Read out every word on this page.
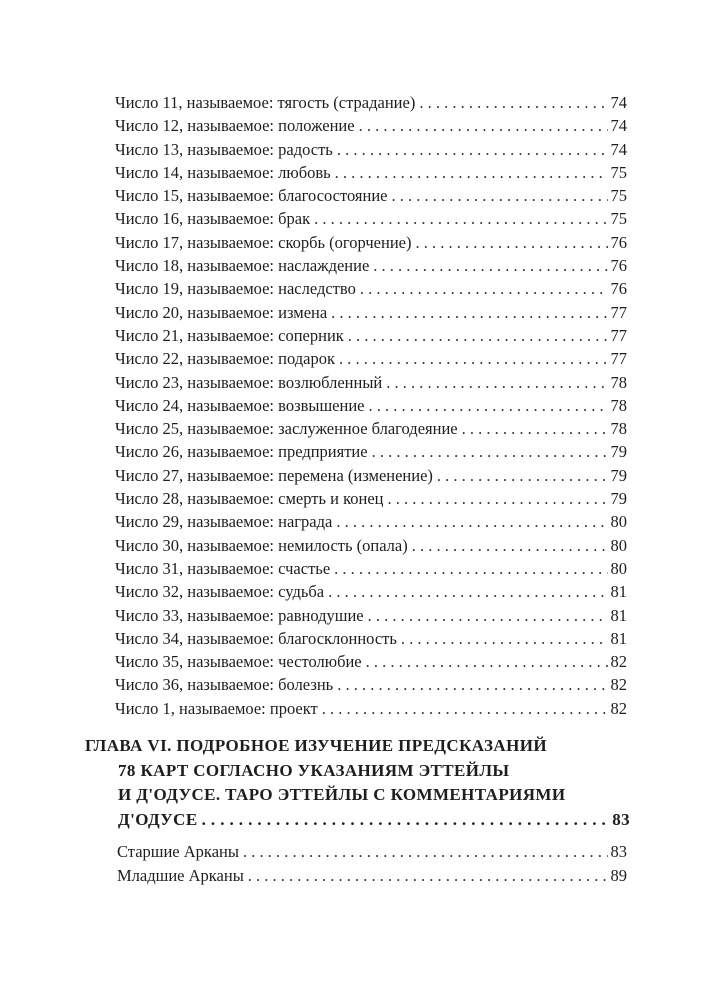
Число 11, называемое: тягость (страдание) . . .	74
Число 12, называемое: положение . . .	74
Число 13, называемое: радость . . .	74
Число 14, называемое: любовь . . .	75
Число 15, называемое: благосостояние . . .	75
Число 16, называемое: брак . . .	75
Число 17, называемое: скорбь (огорчение) . . .	76
Число 18, называемое: наслаждение . . .	76
Число 19, называемое: наследство . . .	76
Число 20, называемое: измена . . .	77
Число 21, называемое: соперник . . .	77
Число 22, называемое: подарок . . .	77
Число 23, называемое: возлюбленный . . .	78
Число 24, называемое: возвышение . . .	78
Число 25, называемое: заслуженное благодеяние . . .	78
Число 26, называемое: предприятие . . .	79
Число 27, называемое: перемена (изменение) . . .	79
Число 28, называемое: смерть и конец . . .	79
Число 29, называемое: награда . . .	80
Число 30, называемое: немилость (опала) . . .	80
Число 31, называемое: счастье . . .	80
Число 32, называемое: судьба . . .	81
Число 33, называемое: равнодушие . . .	81
Число 34, называемое: благосклонность . . .	81
Число 35, называемое: честолюбие . . .	82
Число 36, называемое: болезнь . . .	82
Число 1, называемое: проект . . .	82
ГЛАВА VI. ПОДРОБНОЕ ИЗУЧЕНИЕ ПРЕДСКАЗАНИЙ
78 КАРТ СОГЛАСНО УКАЗАНИЯМ ЭТТЕЙЛЫ
И Д'ОДУСЕ. ТАРО ЭТТЕЙЛЫ С КОММЕНТАРИЯМИ
Д'ОДУСЕ . . .	83
Старшие Арканы . . .	83
Младшие Арканы . . .	89
